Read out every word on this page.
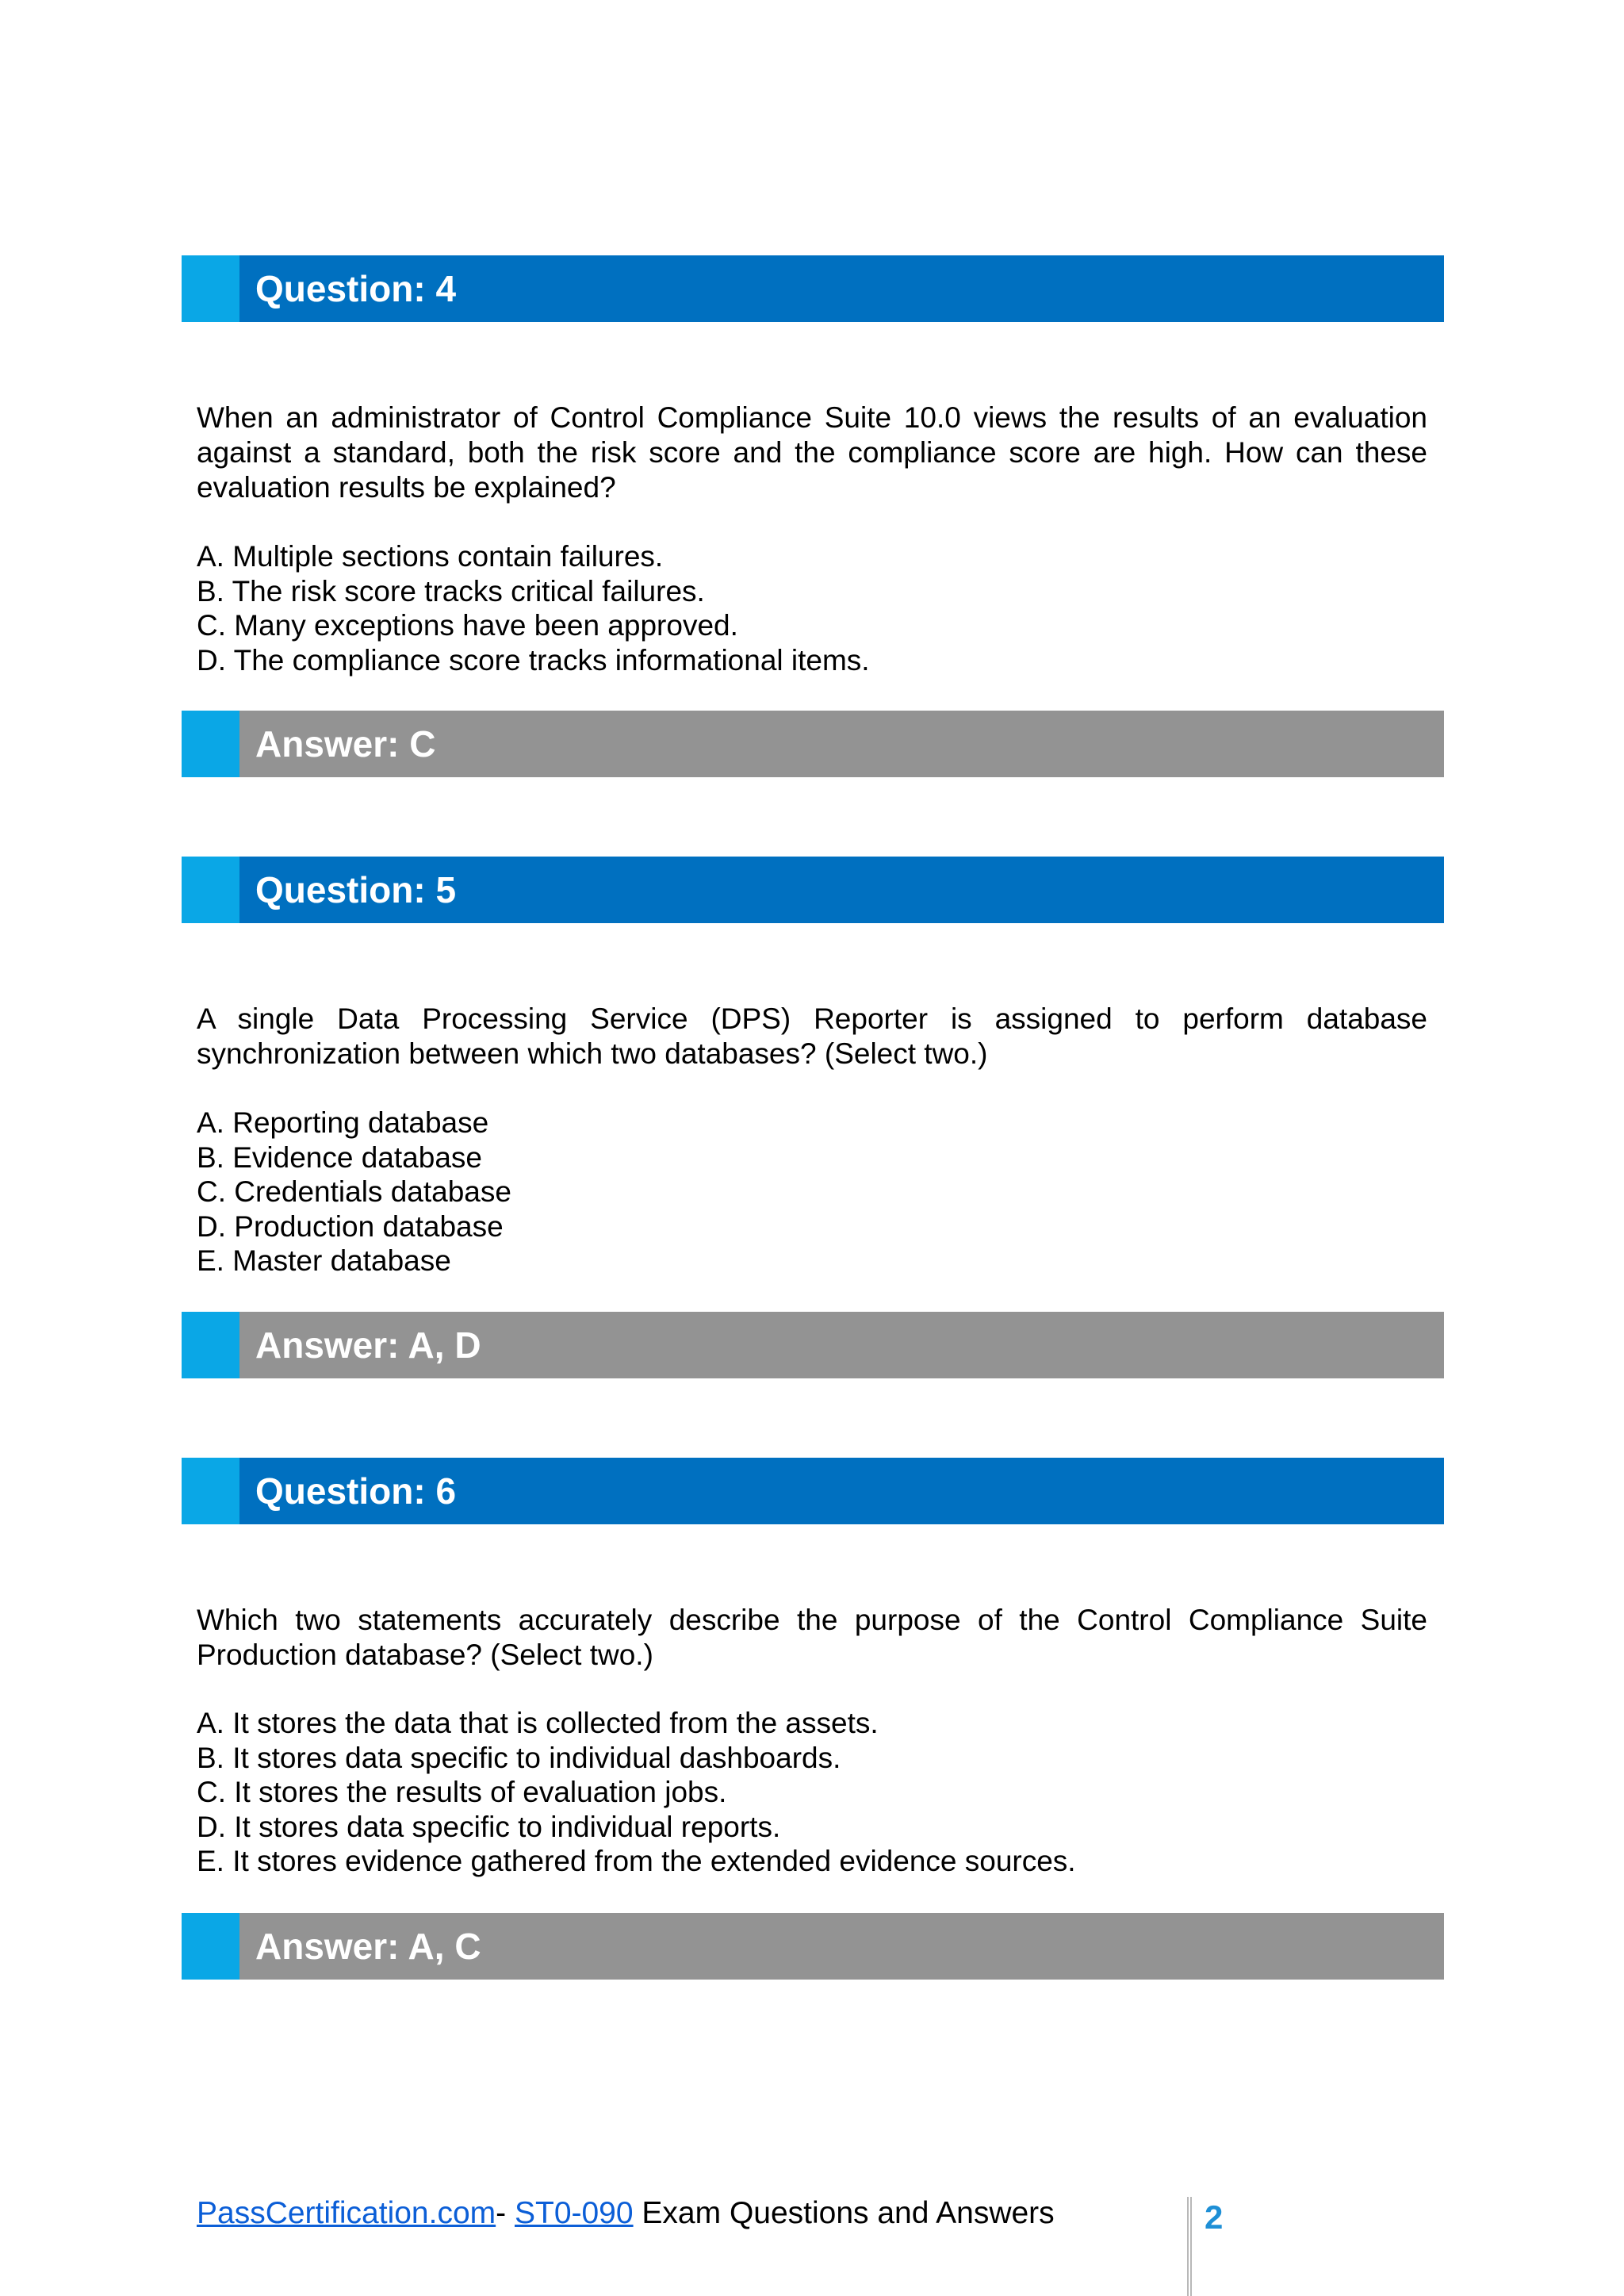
Question: 4

When an administrator of Control Compliance Suite 10.0 views the results of an evaluation against a standard, both the risk score and the compliance score are high. How can these evaluation results be explained?

A. Multiple sections contain failures.
B. The risk score tracks critical failures.
C. Many exceptions have been approved.
D. The compliance score tracks informational items.
Answer: C
Question: 5

A single Data Processing Service (DPS) Reporter is assigned to perform database synchronization between which two databases? (Select two.)

A. Reporting database
B. Evidence database
C. Credentials database
D. Production database
E. Master database
Answer: A, D
Question: 6

Which two statements accurately describe the purpose of the Control Compliance Suite Production database? (Select two.)

A. It stores the data that is collected from the assets.
B. It stores data specific to individual dashboards.
C. It stores the results of evaluation jobs.
D. It stores data specific to individual reports.
E. It stores evidence gathered from the extended evidence sources.
Answer: A, C
PassCertification.com- ST0-090 Exam Questions and Answers	2
